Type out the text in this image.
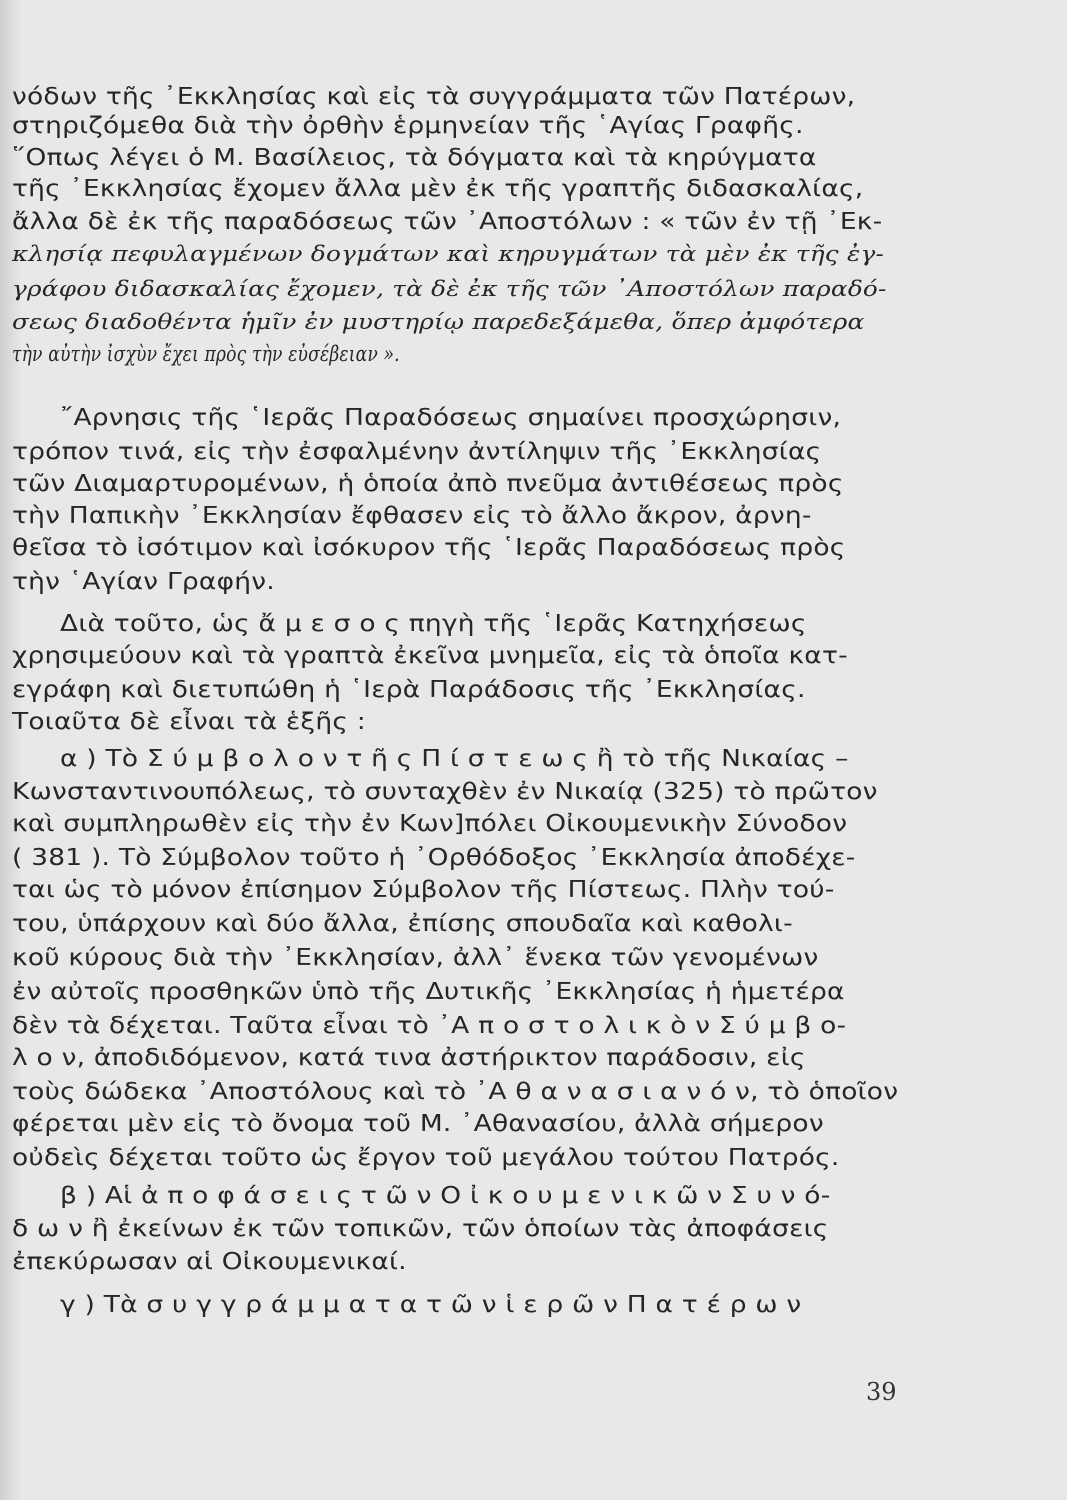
νόδων τῆς ᾽Εκκλησίας καὶ εἰς τὰ συγγράμματα τῶν Πατέρων,
στηριζόμεθα διὰ τὴν ὀρθὴν ἑρμηνείαν τῆς ῾Αγίας Γραφῆς.
῞Οπως λέγει ὁ Μ. Βασίλειος, τὰ δόγματα καὶ τὰ κηρύγματα
τῆς ᾽Εκκλησίας ἔχομεν ἄλλα μὲν ἐκ τῆς γραπτῆς διδασκαλίας,
ἄλλα δὲ ἐκ τῆς παραδόσεως τῶν ᾽Αποστόλων : « τῶν ἐν τῇ ᾽Εκ-
κλησίᾳ πεφυλαγμένων δογμάτων καὶ κηρυγμάτων τὰ μὲν ἐκ τῆς ἐγ-
γράφου διδασκαλίας ἔχομεν, τὰ δὲ ἐκ τῆς τῶν ᾽Αποστόλων παραδό-
σεως διαδοθέντα ἡμῖν ἐν μυστηρίῳ παρεδεξάμεθα, ὅπερ ἀμφότερα
τὴν αὐτὴν ἰσχὺν ἔχει πρὸς τὴν εὐσέβειαν ».
῎Αρνησις τῆς ῾Ιερᾶς Παραδόσεως σημαίνει προσχώρησιν,
τρόπον τινά, εἰς τὴν ἐσφαλμένην ἀντίληψιν τῆς ᾽Εκκλησίας
τῶν Διαμαρτυρομένων, ἡ ὁποία ἀπὸ πνεῦμα ἀντιθέσεως πρὸς
τὴν Παπικὴν ᾽Εκκλησίαν ἔφθασεν εἰς τὸ ἄλλο ἄκρον, ἀρνη-
θεῖσα τὸ ἰσότιμον καὶ ἰσόκυρον τῆς ῾Ιερᾶς Παραδόσεως πρὸς
τὴν ῾Αγίαν Γραφήν.
Διὰ τοῦτο, ὡς ἄ μ ε σ ο ς πηγὴ τῆς ῾Ιερᾶς Κατηχήσεως
χρησιμεύουν καὶ τὰ γραπτὰ ἐκεῖνα μνημεῖα, εἰς τὰ ὁποῖα κατ-
εγράφη καὶ διετυπώθη ἡ ῾Ιερὰ Παράδοσις τῆς ᾽Εκκλησίας.
Τοιαῦτα δὲ εἶναι τὰ ἑξῆς :
α ) Τὸ Σ ύ μ β ο λ ο ν τ ῆ ς Π ί σ τ ε ω ς ἢ τὸ τῆς Νικαίας –
Κωνσταντινουπόλεως, τὸ συνταχθὲν ἐν Νικαίᾳ (325) τὸ πρῶτον
καὶ συμπληρωθὲν εἰς τὴν ἐν Κων]πόλει Οἰκουμενικὴν Σύνοδον
( 381 ). Τὸ Σύμβολον τοῦτο ἡ ᾽Ορθόδοξος ᾽Εκκλησία ἀποδέχε-
ται ὡς τὸ μόνον ἐπίσημον Σύμβολον τῆς Πίστεως. Πλὴν τού-
του, ὑπάρχουν καὶ δύο ἄλλα, ἐπίσης σπουδαῖα καὶ καθολι-
κοῦ κύρους διὰ τὴν ᾽Εκκλησίαν, ἀλλ᾽ ἕνεκα τῶν γενομένων
ἐν αὐτοῖς προσθηκῶν ὑπὸ τῆς Δυτικῆς ᾽Εκκλησίας ἡ ἡμετέρα
δὲν τὰ δέχεται. Ταῦτα εἶναι τὸ ᾽Α π ο σ τ ο λ ι κ ὸ ν Σ ύ μ β ο-
λ ο ν, ἀποδιδόμενον, κατά τινα ἀστήρικτον παράδοσιν, εἰς
τοὺς δώδεκα ᾽Αποστόλους καὶ τὸ ᾽Α θ α ν α σ ι α ν ό ν, τὸ ὁποῖον
φέρεται μὲν εἰς τὸ ὄνομα τοῦ Μ. ᾽Αθανασίου, ἀλλὰ σήμερον
οὐδεὶς δέχεται τοῦτο ὡς ἔργον τοῦ μεγάλου τούτου Πατρός.
β ) Αἱ ἀ π ο φ ά σ ε ι ς τ ῶ ν Ο ἰ κ ο υ μ ε ν ι κ ῶ ν Σ υ ν ό-
δ ω ν ἢ ἐκείνων ἐκ τῶν τοπικῶν, τῶν ὁποίων τὰς ἀποφάσεις
ἐπεκύρωσαν αἱ Οἰκουμενικαί.
γ ) Τὰ σ υ γ γ ρ ά μ μ α τ α τ ῶ ν ἱ ε ρ ῶ ν Π α τ έ ρ ω ν
39
